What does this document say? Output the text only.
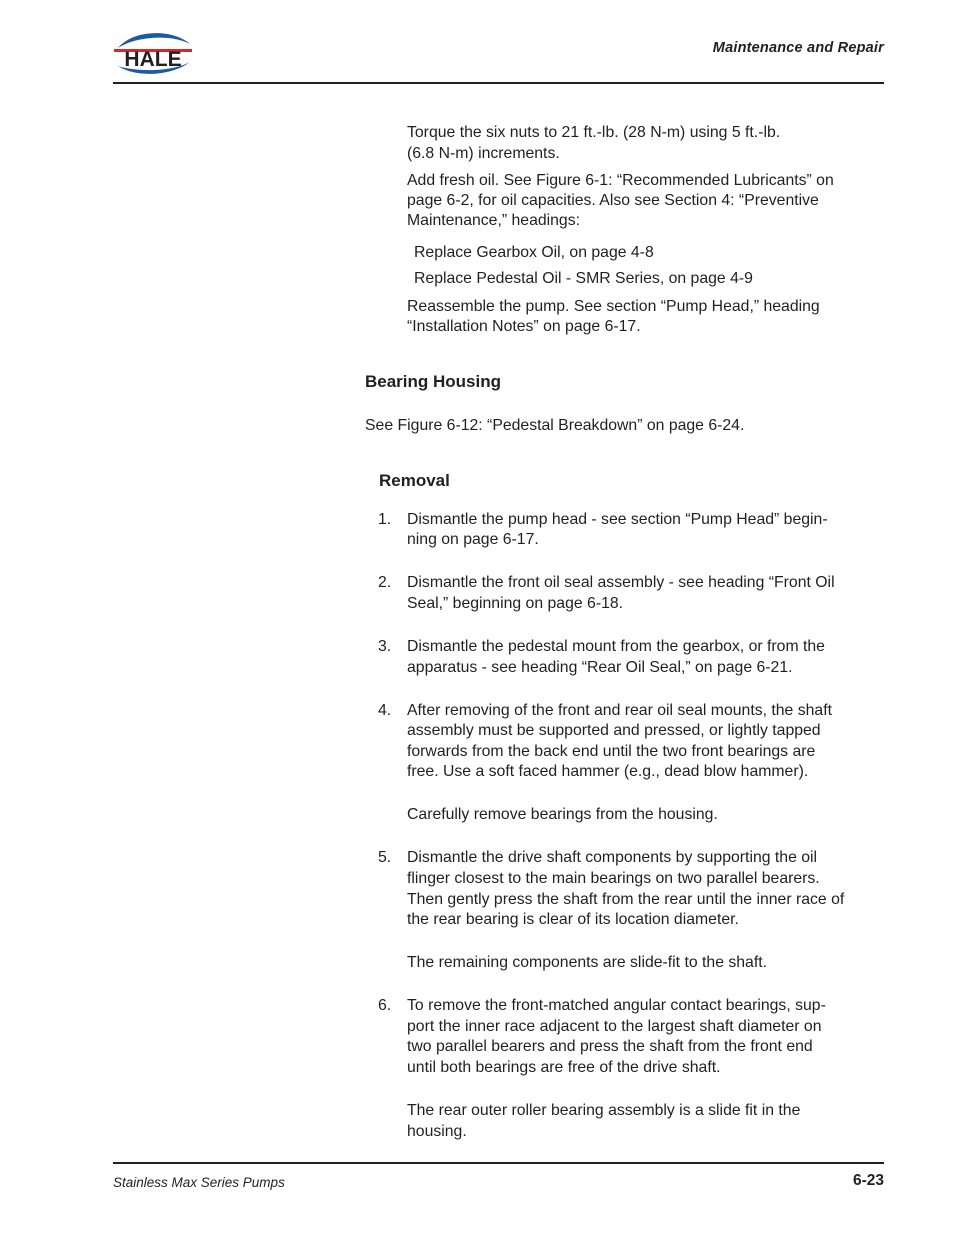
HALE	Maintenance and Repair

Torque the six nuts to 21 ft.-lb. (28 N-m) using 5 ft.-lb.

(6.8 N-m) increments.

Add fresh oil. See Figure 6-1: “Recommended Lubricants” on

page 6-2, for oil capacities. Also see Section 4: “Preventive

Maintenance,” headings:

Replace Gearbox Oil, on page 4-8

Replace Pedestal Oil - SMR Series, on page 4-9

Reassemble the pump. See section “Pump Head,” heading

“Installation Notes” on page 6-17.

Bearing Housing

See Figure 6-12: “Pedestal Breakdown” on page 6-24.

Removal
1. Dismantle the pump head - see section “Pump Head” begin-

ning on page 6-17.

2. Dismantle the front oil seal assembly - see heading “Front Oil

Seal,” beginning on page 6-18.

3. Dismantle the pedestal mount from the gearbox, or from the

apparatus - see heading “Rear Oil Seal,” on page 6-21.

4. After removing of the front and rear oil seal mounts, the shaft

assembly must be supported and pressed, or lightly tapped

forwards from the back end until the two front bearings are

free. Use a soft faced hammer (e.g., dead blow hammer).

Carefully remove bearings from the housing.

5. Dismantle the drive shaft components by supporting the oil

flinger closest to the main bearings on two parallel bearers.

Then gently press the shaft from the rear until the inner race of

the rear bearing is clear of its location diameter.

The remaining components are slide-fit to the shaft.

6. To remove the front-matched angular contact bearings, sup-

port the inner race adjacent to the largest shaft diameter on

two parallel bearers and press the shaft from the front end

until both bearings are free of the drive shaft.

The rear outer roller bearing assembly is a slide fit in the

housing.

Stainless Max Series Pumps	6-23
